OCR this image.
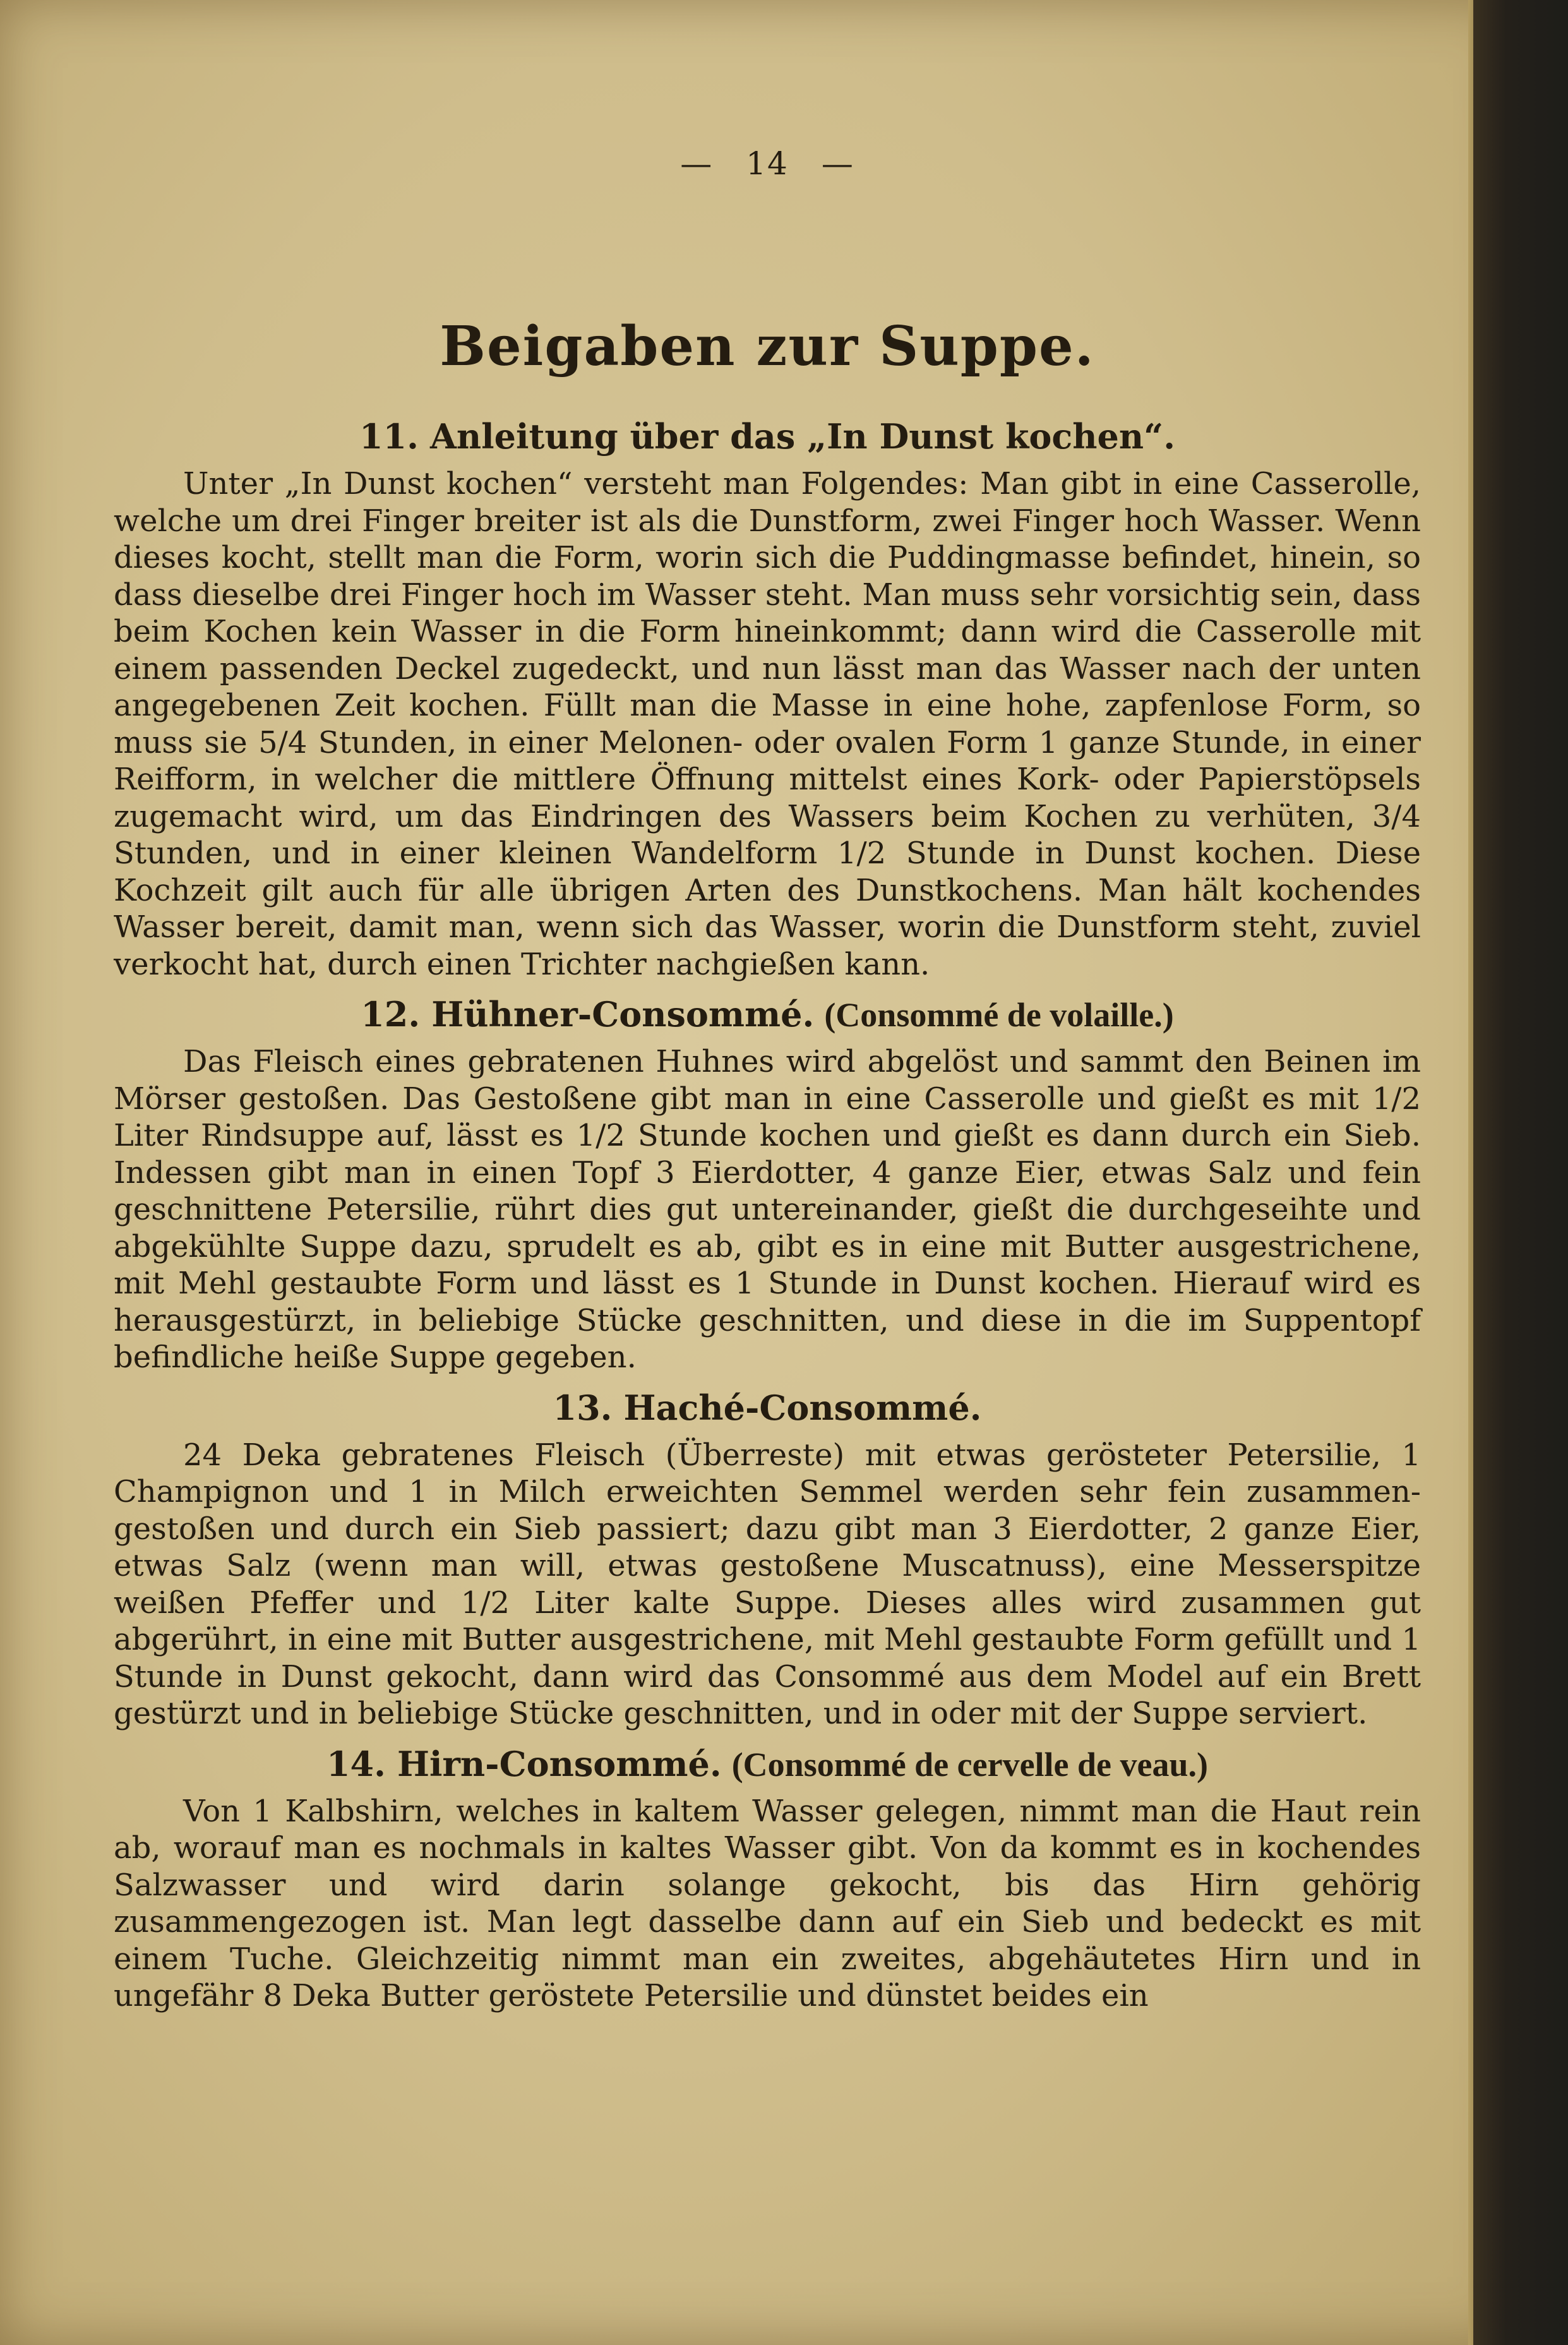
— 14 —
Beigaben zur Suppe.
11. Anleitung über das „In Dunst kochen“.

Unter „In Dunst kochen“ versteht man Folgendes: Man gibt in eine Casserolle, welche um drei Finger breiter ist als die Dunstform, zwei Finger hoch Wasser. Wenn dieses kocht, stellt man die Form, worin sich die Puddingmasse befindet, hinein, so dass dieselbe drei Finger hoch im Wasser steht. Man muss sehr vorsichtig sein, dass beim Kochen kein Wasser in die Form hineinkommt; dann wird die Casserolle mit einem passenden Deckel zugedeckt, und nun lässt man das Wasser nach der unten angegebenen Zeit kochen. Füllt man die Masse in eine hohe, zapfenlose Form, so muss sie 5/4 Stunden, in einer Melonen- oder ovalen Form 1 ganze Stunde, in einer Reifform, in welcher die mittlere Öffnung mittelst eines Kork- oder Papierstöpsels zugemacht wird, um das Eindringen des Wassers beim Kochen zu verhüten, 3/4 Stunden, und in einer kleinen Wandelform 1/2 Stunde in Dunst kochen. Diese Kochzeit gilt auch für alle übrigen Arten des Dunstkochens. Man hält kochendes Wasser bereit, damit man, wenn sich das Wasser, worin die Dunstform steht, zuviel verkocht hat, durch einen Trichter nachgießen kann.

12. Hühner-Consommé. (Consommé de volaille.)

Das Fleisch eines gebratenen Huhnes wird abgelöst und sammt den Beinen im Mörser gestoßen. Das Gestoßene gibt man in eine Casserolle und gießt es mit 1/2 Liter Rindsuppe auf, lässt es 1/2 Stunde kochen und gießt es dann durch ein Sieb. Indessen gibt man in einen Topf 3 Eierdotter, 4 ganze Eier, etwas Salz und fein geschnittene Petersilie, rührt dies gut untereinander, gießt die durchgeseihte und abgekühlte Suppe dazu, sprudelt es ab, gibt es in eine mit Butter ausgestrichene, mit Mehl gestaubte Form und lässt es 1 Stunde in Dunst kochen. Hierauf wird es herausgestürzt, in beliebige Stücke geschnitten, und diese in die im Suppentopf befindliche heiße Suppe gegeben.

13. Haché-Consommé.

24 Deka gebratenes Fleisch (Überreste) mit etwas gerösteter Petersilie, 1 Champignon und 1 in Milch erweichten Semmel werden sehr fein zusammengestoßen und durch ein Sieb passiert; dazu gibt man 3 Eierdotter, 2 ganze Eier, etwas Salz (wenn man will, etwas gestoßene Muscatnuss), eine Messerspitze weißen Pfeffer und 1/2 Liter kalte Suppe. Dieses alles wird zusammen gut abgerührt, in eine mit Butter ausgestrichene, mit Mehl gestaubte Form gefüllt und 1 Stunde in Dunst gekocht, dann wird das Consommé aus dem Model auf ein Brett gestürzt und in beliebige Stücke geschnitten, und in oder mit der Suppe serviert.

14. Hirn-Consommé. (Consommé de cervelle de veau.)

Von 1 Kalbshirn, welches in kaltem Wasser gelegen, nimmt man die Haut rein ab, worauf man es nochmals in kaltes Wasser gibt. Von da kommt es in kochendes Salzwasser und wird darin solange gekocht, bis das Hirn gehörig zusammengezogen ist. Man legt dasselbe dann auf ein Sieb und bedeckt es mit einem Tuche. Gleichzeitig nimmt man ein zweites, abgehäutetes Hirn und in ungefähr 8 Deka Butter geröstete Petersilie und dünstet beides ein
